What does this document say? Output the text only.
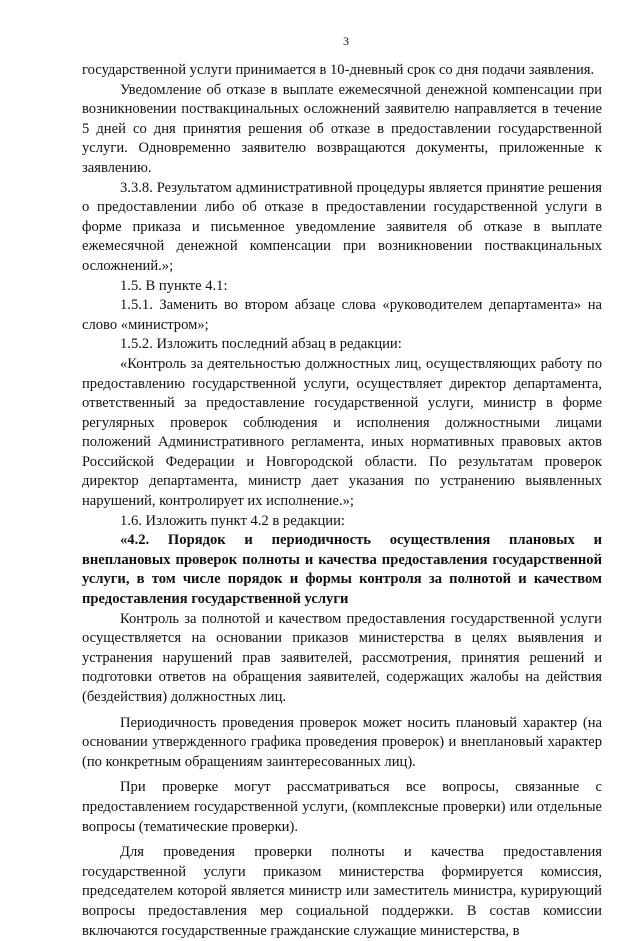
3

государственной услуги принимается в 10-дневный срок со дня подачи заявления.

Уведомление об отказе в выплате ежемесячной денежной компенсации при возникновении поствакцинальных осложнений заявителю направляется в течение 5 дней со дня принятия решения об отказе в предоставлении государственной услуги. Одновременно заявителю возвращаются документы, приложенные к заявлению.

3.3.8. Результатом административной процедуры является принятие решения о предоставлении либо об отказе в предоставлении государственной услуги в форме приказа и письменное уведомление заявителя об отказе в выплате ежемесячной денежной компенсации при возникновении поствакцинальных осложнений.»;

1.5. В пункте 4.1:

1.5.1. Заменить во втором абзаце слова «руководителем департамента» на слово «министром»;

1.5.2. Изложить последний абзац в редакции:

«Контроль за деятельностью должностных лиц, осуществляющих работу по предоставлению государственной услуги, осуществляет директор департамента, ответственный за предоставление государственной услуги, министр в форме регулярных проверок соблюдения и исполнения должностными лицами положений Административного регламента, иных нормативных правовых актов Российской Федерации и Новгородской области. По результатам проверок директор департамента, министр дает указания по устранению выявленных нарушений, контролирует их исполнение.»;

1.6. Изложить пункт 4.2 в редакции:

«4.2. Порядок и периодичность осуществления плановых и внеплановых проверок полноты и качества предоставления государственной услуги, в том числе порядок и формы контроля за полнотой и качеством предоставления государственной услуги

Контроль за полнотой и качеством предоставления государственной услуги осуществляется на основании приказов министерства в целях выявления и устранения нарушений прав заявителей, рассмотрения, принятия решений и подготовки ответов на обращения заявителей, содержащих жалобы на действия (бездействия) должностных лиц.

Периодичность проведения проверок может носить плановый характер (на основании утвержденного графика проведения проверок) и внеплановый характер (по конкретным обращениям заинтересованных лиц).

При проверке могут рассматриваться все вопросы, связанные с предоставлением государственной услуги, (комплексные проверки) или отдельные вопросы (тематические проверки).

Для проведения проверки полноты и качества предоставления государственной услуги приказом министерства формируется комиссия, председателем которой является министр или заместитель министра, курирующий вопросы предоставления мер социальной поддержки. В состав комиссии включаются государственные гражданские служащие министерства, в
